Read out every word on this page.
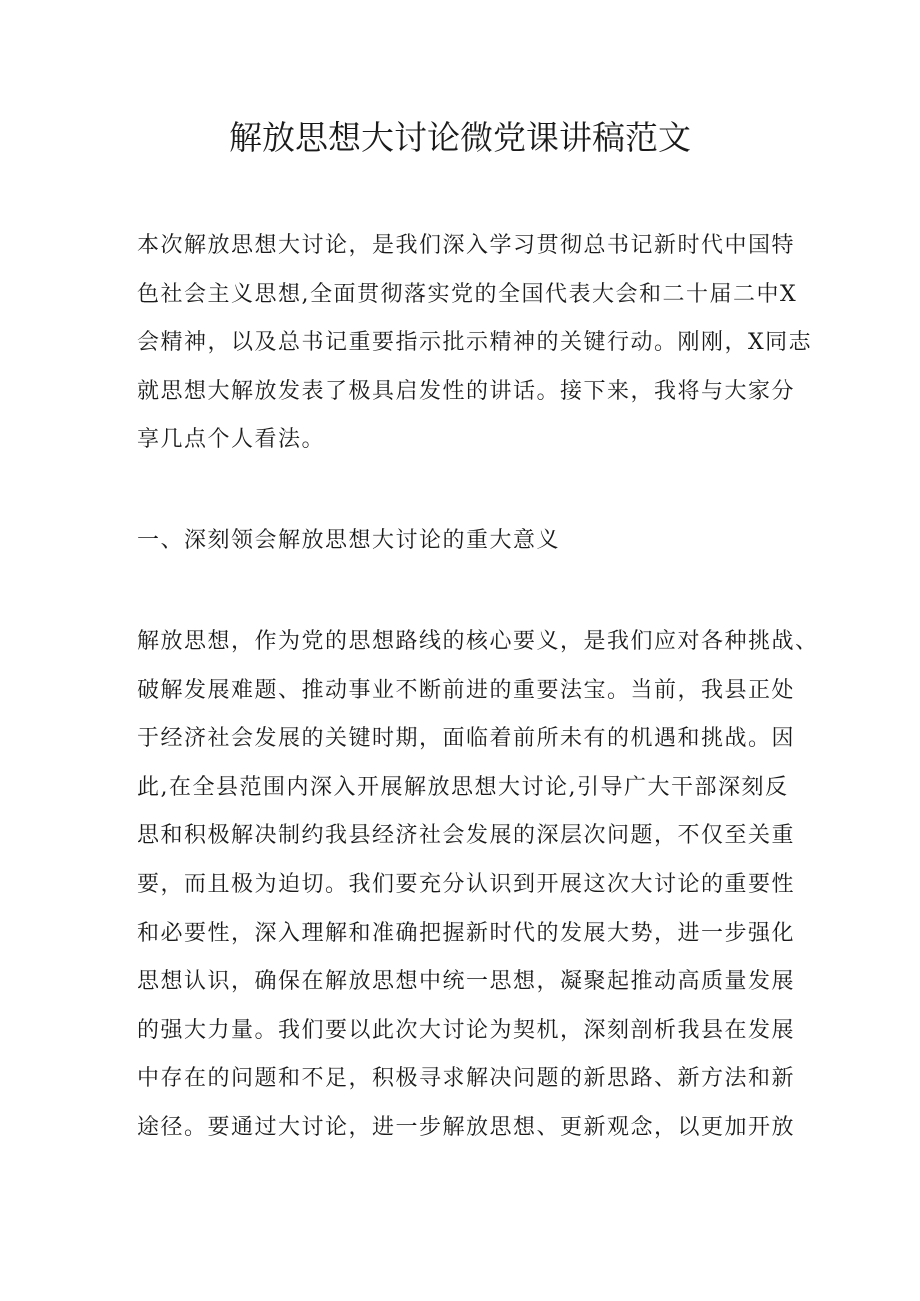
解放思想大讨论微党课讲稿范文
本次解放思想大讨论，是我们深入学习贯彻总书记新时代中国特
色社会主义思想,全面贯彻落实党的全国代表大会和二十届二中X
会精神，以及总书记重要指示批示精神的关键行动。刚刚，X同志
就思想大解放发表了极具启发性的讲话。接下来，我将与大家分
享几点个人看法。
一、深刻领会解放思想大讨论的重大意义
解放思想，作为党的思想路线的核心要义，是我们应对各种挑战、
破解发展难题、推动事业不断前进的重要法宝。当前，我县正处
于经济社会发展的关键时期，面临着前所未有的机遇和挑战。因
此,在全县范围内深入开展解放思想大讨论,引导广大干部深刻反
思和积极解决制约我县经济社会发展的深层次问题，不仅至关重
要，而且极为迫切。我们要充分认识到开展这次大讨论的重要性
和必要性，深入理解和准确把握新时代的发展大势，进一步强化
思想认识，确保在解放思想中统一思想，凝聚起推动高质量发展
的强大力量。我们要以此次大讨论为契机，深刻剖析我县在发展
中存在的问题和不足，积极寻求解决问题的新思路、新方法和新
途径。要通过大讨论，进一步解放思想、更新观念，以更加开放
